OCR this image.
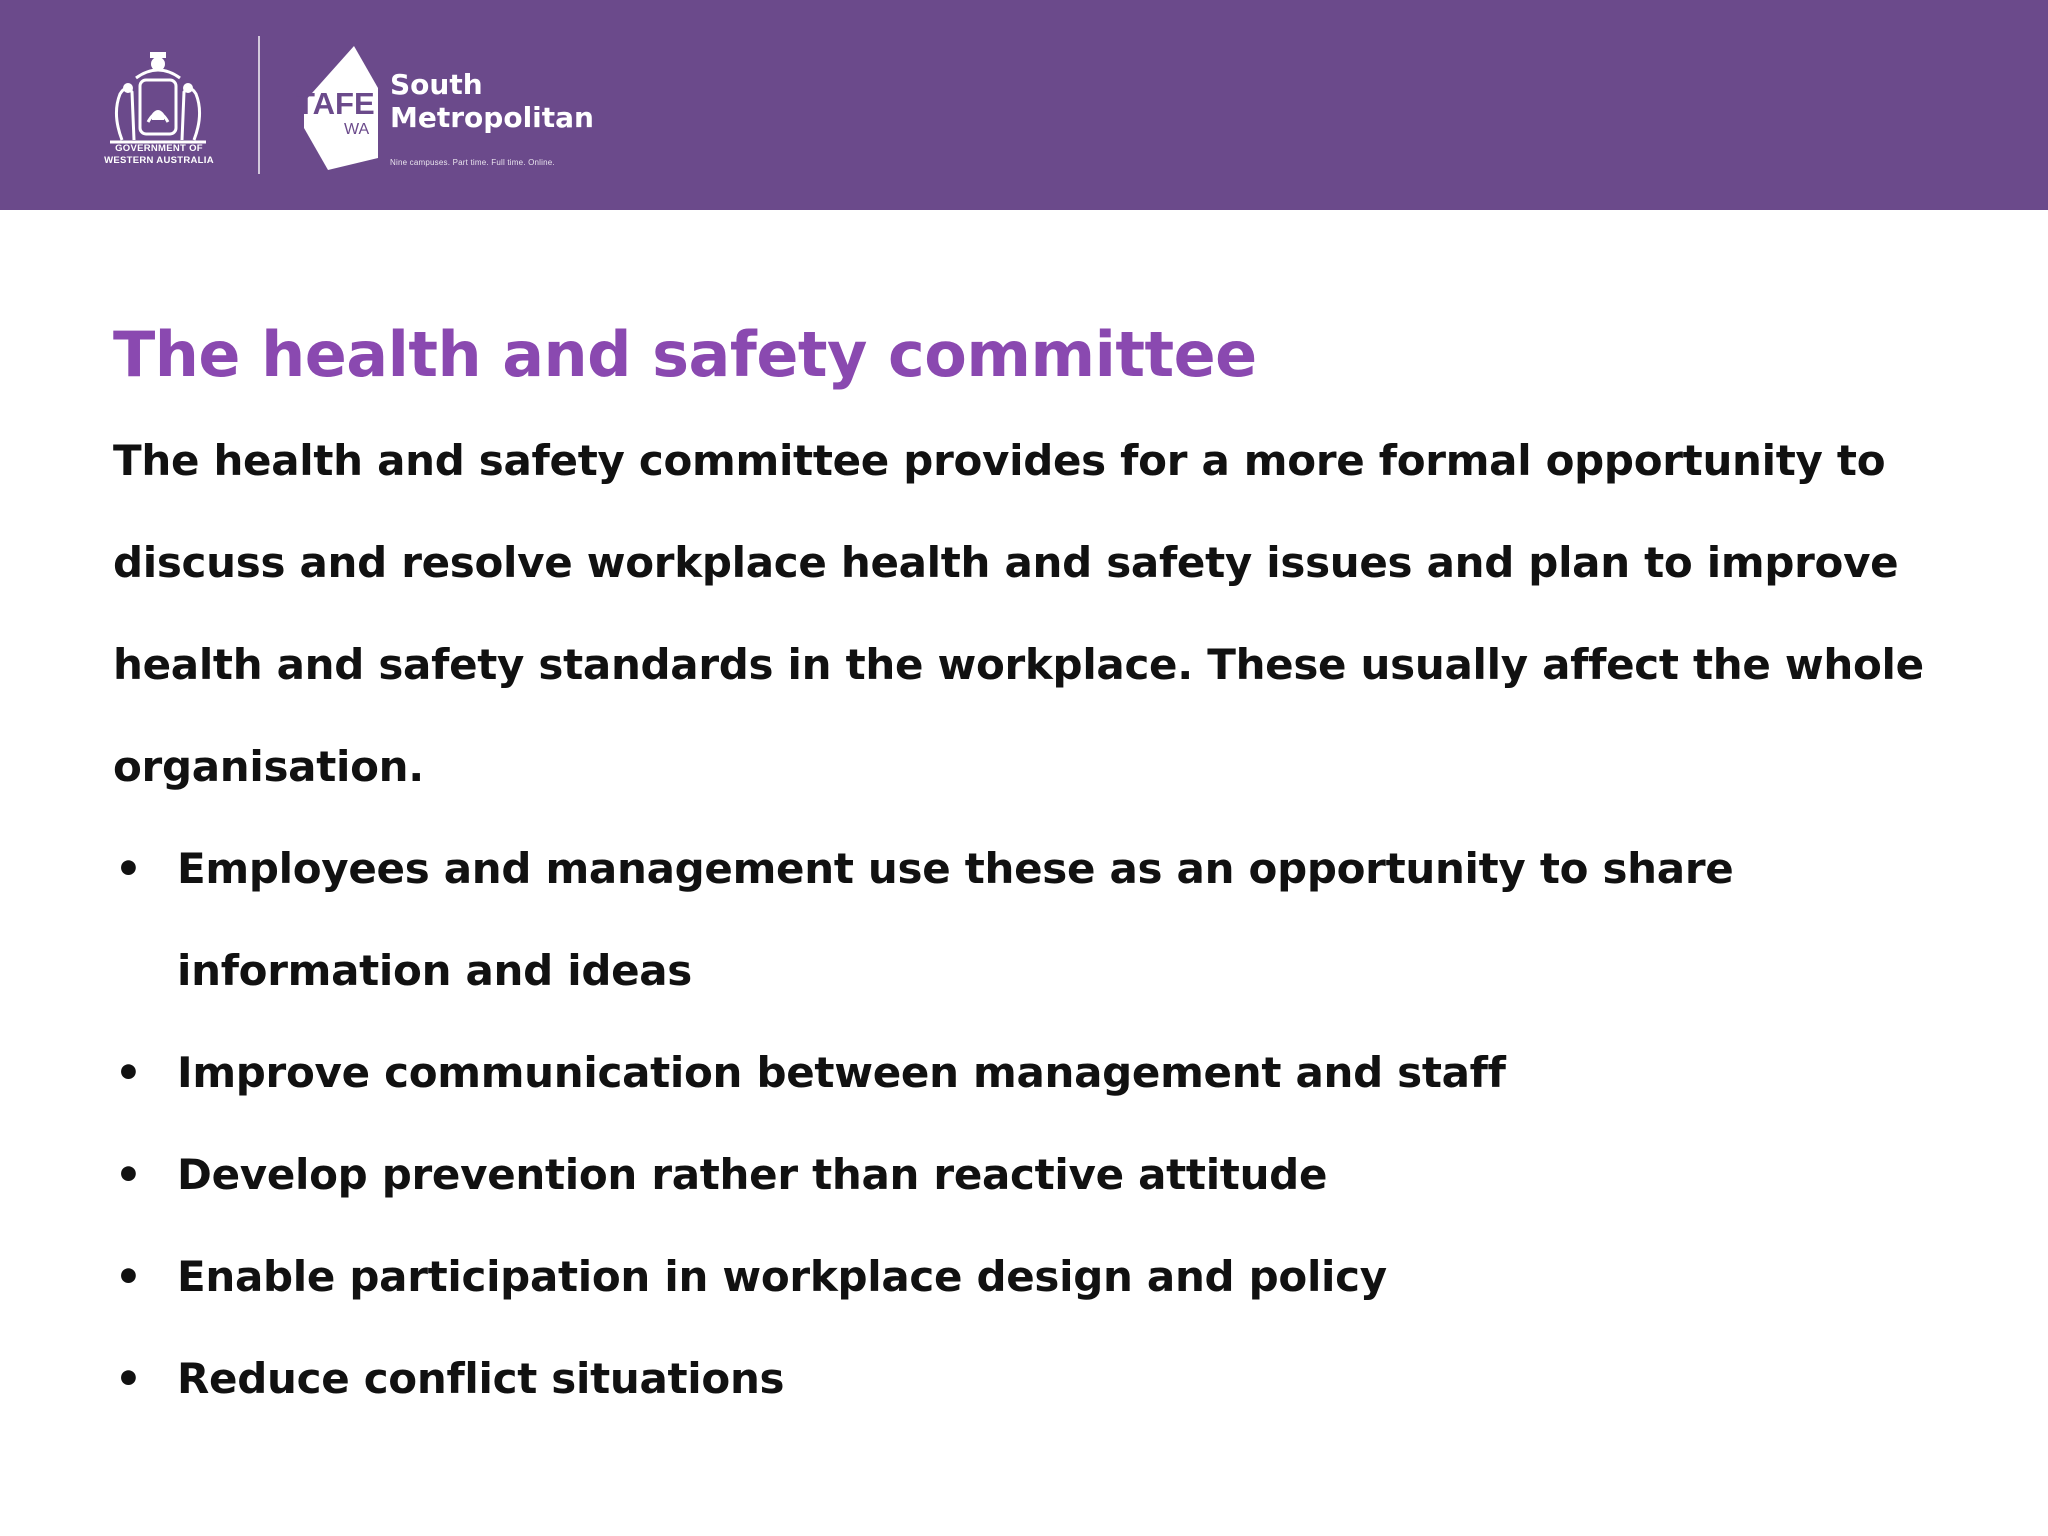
GOVERNMENT OF
WESTERN AUSTRALIA
TAFE
WA
South
Metropolitan
Nine campuses. Part time. Full time. Online.
The health and safety committee

The health and safety committee provides for a more formal opportunity to discuss and resolve workplace health and safety issues and plan to improve health and safety standards in the workplace. These usually affect the whole organisation.

• Employees and management use these as an opportunity to share information and ideas
• Improve communication between management and staff
• Develop prevention rather than reactive attitude
• Enable participation in workplace design and policy
• Reduce conflict situations
